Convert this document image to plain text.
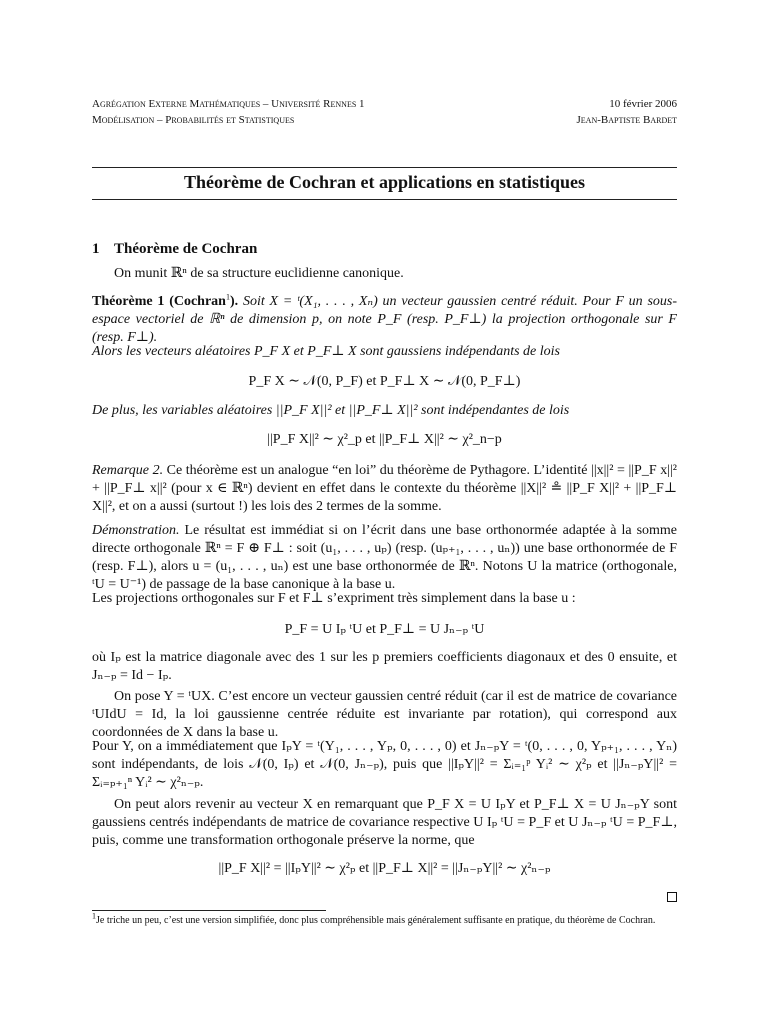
Agrégation Externe Mathématiques – Université Rennes 1	10 février 2006
Modélisation – Probabilités et Statistiques	Jean-Baptiste Bardet
Théorème de Cochran et applications en statistiques
1 Théorème de Cochran
On munit ℝⁿ de sa structure euclidienne canonique.
Théorème 1 (Cochran$^1$). Soit X = ᵗ(X₁, . . . , Xₙ) un vecteur gaussien centré réduit. Pour F un sous-espace vectoriel de ℝⁿ de dimension p, on note P_F (resp. P_F⊥) la projection orthogonale sur F (resp. F⊥).
Alors les vecteurs aléatoires P_F X et P_F⊥ X sont gaussiens indépendants de lois
P_F X ∼ 𝒩(0, P_F) et P_F⊥ X ∼ 𝒩(0, P_F⊥)
De plus, les variables aléatoires ||P_F X||² et ||P_F⊥ X||² sont indépendantes de lois
||P_F X||² ∼ χ²_p et ||P_F⊥ X||² ∼ χ²_n−p
Remarque 2. Ce théorème est un analogue “en loi” du théorème de Pythagore. L’identité ||x||² = ||P_F x||² + ||P_F⊥ x||² (pour x ∈ ℝⁿ) devient en effet dans le contexte du théorème ||X||² ≗ ||P_F X||² + ||P_F⊥ X||², et on a aussi (surtout !) les lois des 2 termes de la somme.
Démonstration. Le résultat est immédiat si on l’écrit dans une base orthonormée adaptée à la somme directe orthogonale ℝⁿ = F ⊕ F⊥ : soit (u₁, . . . , uₚ) (resp. (uₚ₊₁, . . . , uₙ)) une base orthonormée de F (resp. F⊥), alors u = (u₁, . . . , uₙ) est une base orthonormée de ℝⁿ. Notons U la matrice (orthogonale, ᵗU = U⁻¹) de passage de la base canonique à la base u.
Les projections orthogonales sur F et F⊥ s’expriment très simplement dans la base u :
P_F = U Iₚ ᵗU et P_F⊥ = U Jₙ₋ₚ ᵗU
où Iₚ est la matrice diagonale avec des 1 sur les p premiers coefficients diagonaux et des 0 ensuite, et Jₙ₋ₚ = Id − Iₚ.
On pose Y = ᵗUX. C’est encore un vecteur gaussien centré réduit (car il est de matrice de covariance ᵗUIdU = Id, la loi gaussienne centrée réduite est invariante par rotation), qui correspond aux coordonnées de X dans la base u.
Pour Y, on a immédiatement que IₚY = ᵗ(Y₁, . . . , Yₚ, 0, . . . , 0) et Jₙ₋ₚY = ᵗ(0, . . . , 0, Yₚ₊₁, . . . , Yₙ) sont indépendants, de lois 𝒩(0, Iₚ) et 𝒩(0, Jₙ₋ₚ), puis que ||IₚY||² = Σᵢ₌₁ᵖ Yᵢ² ∼ χ²ₚ et ||Jₙ₋ₚY||² = Σᵢ₌ₚ₊₁ⁿ Yᵢ² ∼ χ²ₙ₋ₚ.
On peut alors revenir au vecteur X en remarquant que P_F X = U IₚY et P_F⊥ X = U Jₙ₋ₚY sont gaussiens centrés indépendants de matrice de covariance respective U Iₚ ᵗU = P_F et U Jₙ₋ₚ ᵗU = P_F⊥, puis, comme une transformation orthogonale préserve la norme, que
||P_F X||² = ||IₚY||² ∼ χ²ₚ et ||P_F⊥ X||² = ||Jₙ₋ₚY||² ∼ χ²ₙ₋ₚ
$^1$Je triche un peu, c’est une version simplifiée, donc plus compréhensible mais généralement suffisante en pratique, du théorème de Cochran.
